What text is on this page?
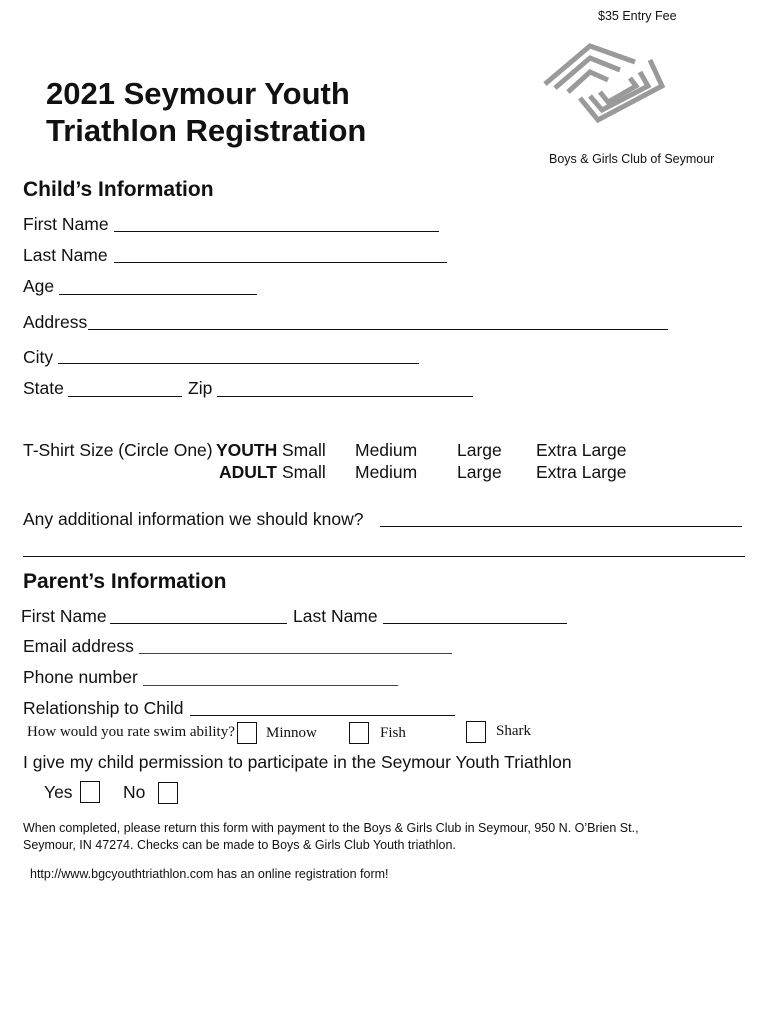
$35 Entry Fee
2021 Seymour Youth
Triathlon Registration
Boys & Girls Club of Seymour
Child’s Information
First Name
Last Name
Age
Address
City
State	Zip
T-Shirt Size (Circle One) YOUTH Small Medium Large Extra Large
ADULT Small Medium Large Extra Large
Any additional information we should know?
Parent’s Information
First Name	Last Name
Email address
Phone number
Relationship to Child
How would you rate swim ability? Minnow	Fish	Shark
I give my child permission to participate in the Seymour Youth Triathlon
Yes	No
When completed, please return this form with payment to the Boys & Girls Club in Seymour, 950 N. O’Brien St.,
Seymour, IN 47274. Checks can be made to Boys & Girls Club Youth triathlon.
http://www.bgcyouthtriathlon.com has an online registration form!
